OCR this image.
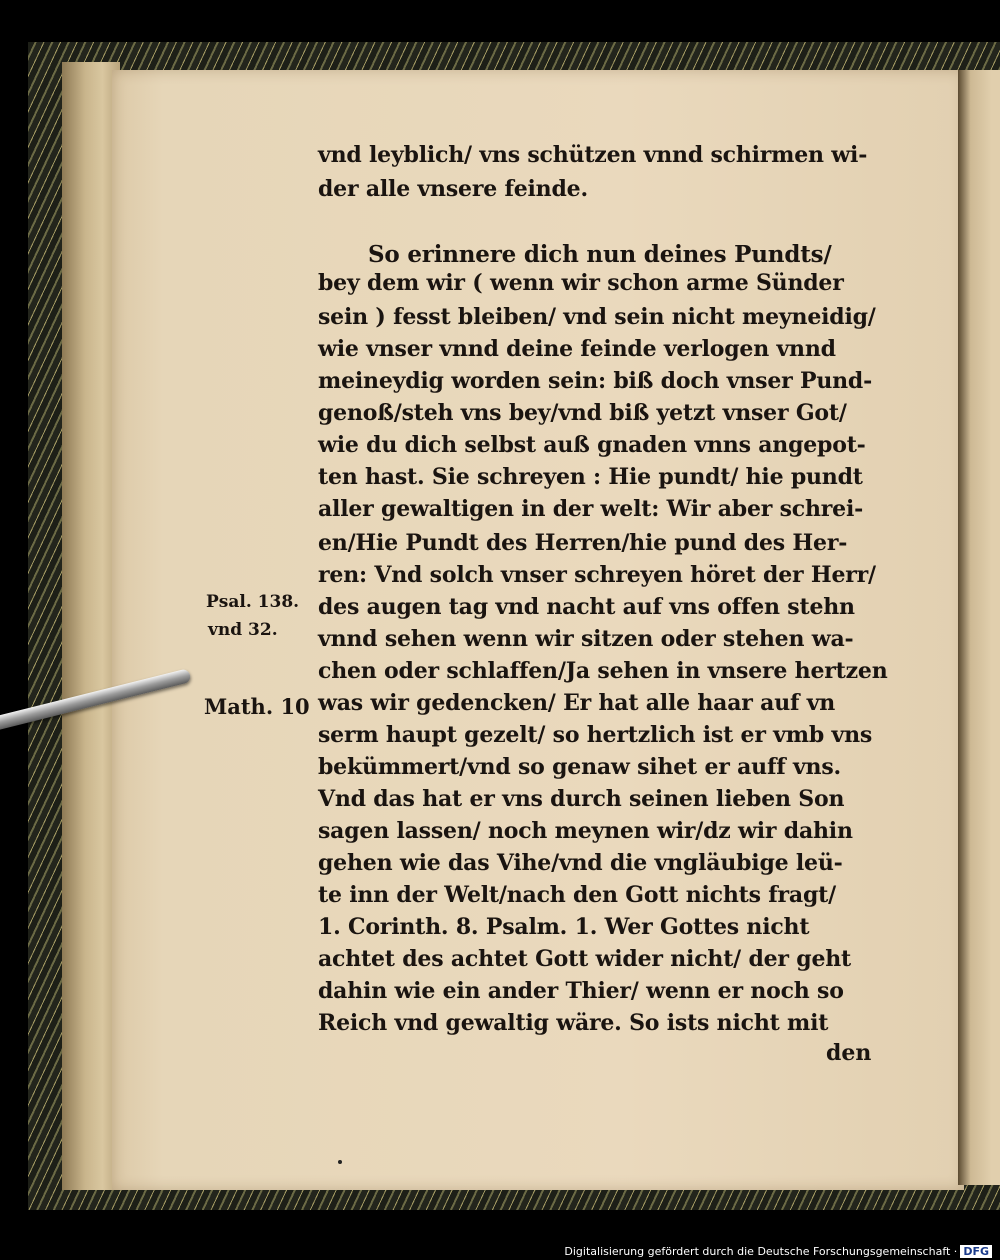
vnd leyblich/ vns schützen vnnd schirmen wi‑
der alle vnsere feinde.
So erinnere dich nun deines Pundts/
bey dem wir ( wenn wir schon arme Sünder
sein ) fesst bleiben/ vnd sein nicht meyneidig/
wie vnser vnnd deine feinde verlogen vnnd
meineydig worden sein: biß doch vnser Pund‑
genoß/steh vns bey/vnd biß yetzt vnser Got/
wie du dich selbst auß gnaden vnns angepot‑
ten hast. Sie schreyen : Hie pundt/ hie pundt
aller gewaltigen in der welt: Wir aber schrei‑
en/Hie Pundt des Herren/hie pund des Her‑
ren: Vnd solch vnser schreyen höret der Herr/
des augen tag vnd nacht auf vns offen stehn
vnnd sehen wenn wir sitzen oder stehen wa‑
chen oder schlaffen/Ja sehen in vnsere hertzen
was wir gedencken/ Er hat alle haar auf vn
serm haupt gezelt/ so hertzlich ist er vmb vns
bekümmert/vnd so genaw sihet er auff vns.
Vnd das hat er vns durch seinen lieben Son
sagen lassen/ noch meynen wir/dz wir dahin
gehen wie das Vihe/vnd die vngläubige leü‑
te inn der Welt/nach den Gott nichts fragt/
1. Corinth. 8. Psalm. 1. Wer Gottes nicht
achtet des achtet Gott wider nicht/ der geht
dahin wie ein ander Thier/ wenn er noch so
Reich vnd gewaltig wäre. So ists nicht mit
den
Psal. 138.
vnd 32.
Math. 10
Digitalisierung gefördert durch die Deutsche Forschungsgemeinschaft · DFG
